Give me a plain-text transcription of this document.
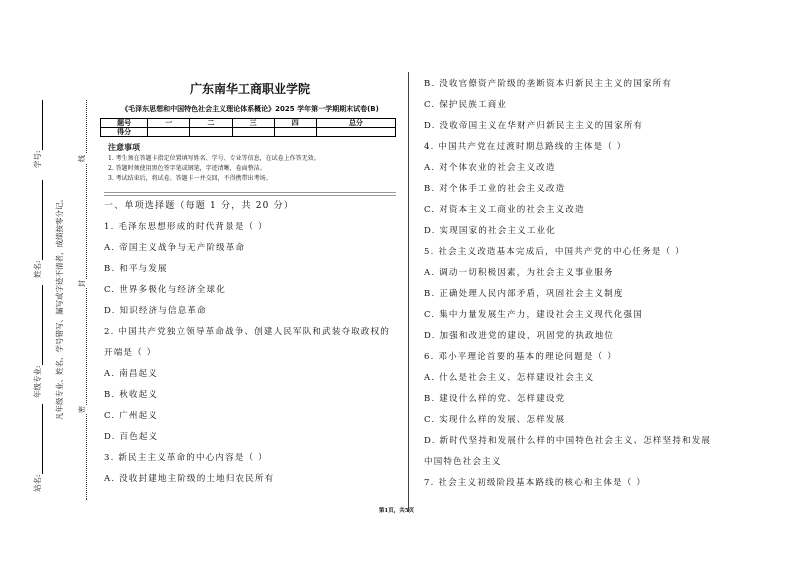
站名:
年级专业:
姓名:
学号:
凡年级专业、姓名、学号错写、漏写或字迹不清者，成绩按零分记。 密
封
线
广东南华工商职业学院
《毛泽东思想和中国特色社会主义理论体系概论》2025 学年第一学期期末试卷(B)
题号	一	二	三	四	总分
得分					
注意事项
1. 考生须在答题卡指定位置填写姓名、学号、专业等信息，在试卷上作答无效。
2. 答题时须使用黑色签字笔或钢笔，字迹清晰，卷面整洁。
3. 考试结束后，将试卷、答题卡一并交回，不得携带出考场。
一、单项选择题（每题 1 分，共 20 分）
1. 毛泽东思想形成的时代背景是（ ）
A. 帝国主义战争与无产阶级革命
B. 和平与发展
C. 世界多极化与经济全球化
D. 知识经济与信息革命
2. 中国共产党独立领导革命战争、创建人民军队和武装夺取政权的
开端是（ ）
A. 南昌起义
B. 秋收起义
C. 广州起义
D. 百色起义
3. 新民主主义革命的中心内容是（ ）
A. 没收封建地主阶级的土地归农民所有
B. 没收官僚资产阶级的垄断资本归新民主主义的国家所有
C. 保护民族工商业
D. 没收帝国主义在华财产归新民主主义的国家所有
4. 中国共产党在过渡时期总路线的主体是（ ）
A. 对个体农业的社会主义改造
B. 对个体手工业的社会主义改造
C. 对资本主义工商业的社会主义改造
D. 实现国家的社会主义工业化
5. 社会主义改造基本完成后，中国共产党的中心任务是（ ）
A. 调动一切积极因素，为社会主义事业服务
B. 正确处理人民内部矛盾，巩固社会主义制度
C. 集中力量发展生产力，建设社会主义现代化强国
D. 加强和改进党的建设，巩固党的执政地位
6. 邓小平理论首要的基本的理论问题是（ ）
A. 什么是社会主义、怎样建设社会主义
B. 建设什么样的党、怎样建设党
C. 实现什么样的发展、怎样发展
D. 新时代坚持和发展什么样的中国特色社会主义、怎样坚持和发展
中国特色社会主义
7. 社会主义初级阶段基本路线的核心和主体是（ ）
第1页，共5页
